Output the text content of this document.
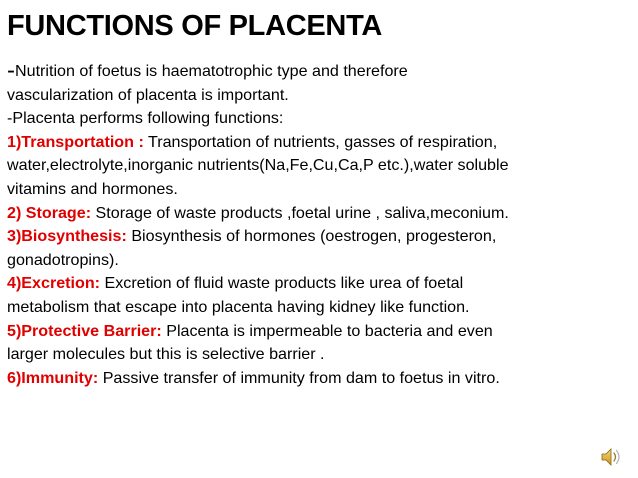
FUNCTIONS OF PLACENTA
-Nutrition of foetus is haematotrophic type and therefore
vascularization of placenta is important.
-Placenta performs following functions:
1)Transportation : Transportation of nutrients, gasses of respiration,
water,electrolyte,inorganic nutrients(Na,Fe,Cu,Ca,P etc.),water soluble
vitamins and hormones.
2) Storage: Storage of waste products ,foetal urine , saliva,meconium.
3)Biosynthesis: Biosynthesis of hormones (oestrogen, progesteron,
gonadotropins).
4)Excretion: Excretion of fluid waste products like urea of foetal
metabolism that escape into placenta having kidney like function.
5)Protective Barrier: Placenta is impermeable to bacteria and even
larger molecules but this is selective barrier .
6)Immunity: Passive transfer of immunity from dam to foetus in vitro.
